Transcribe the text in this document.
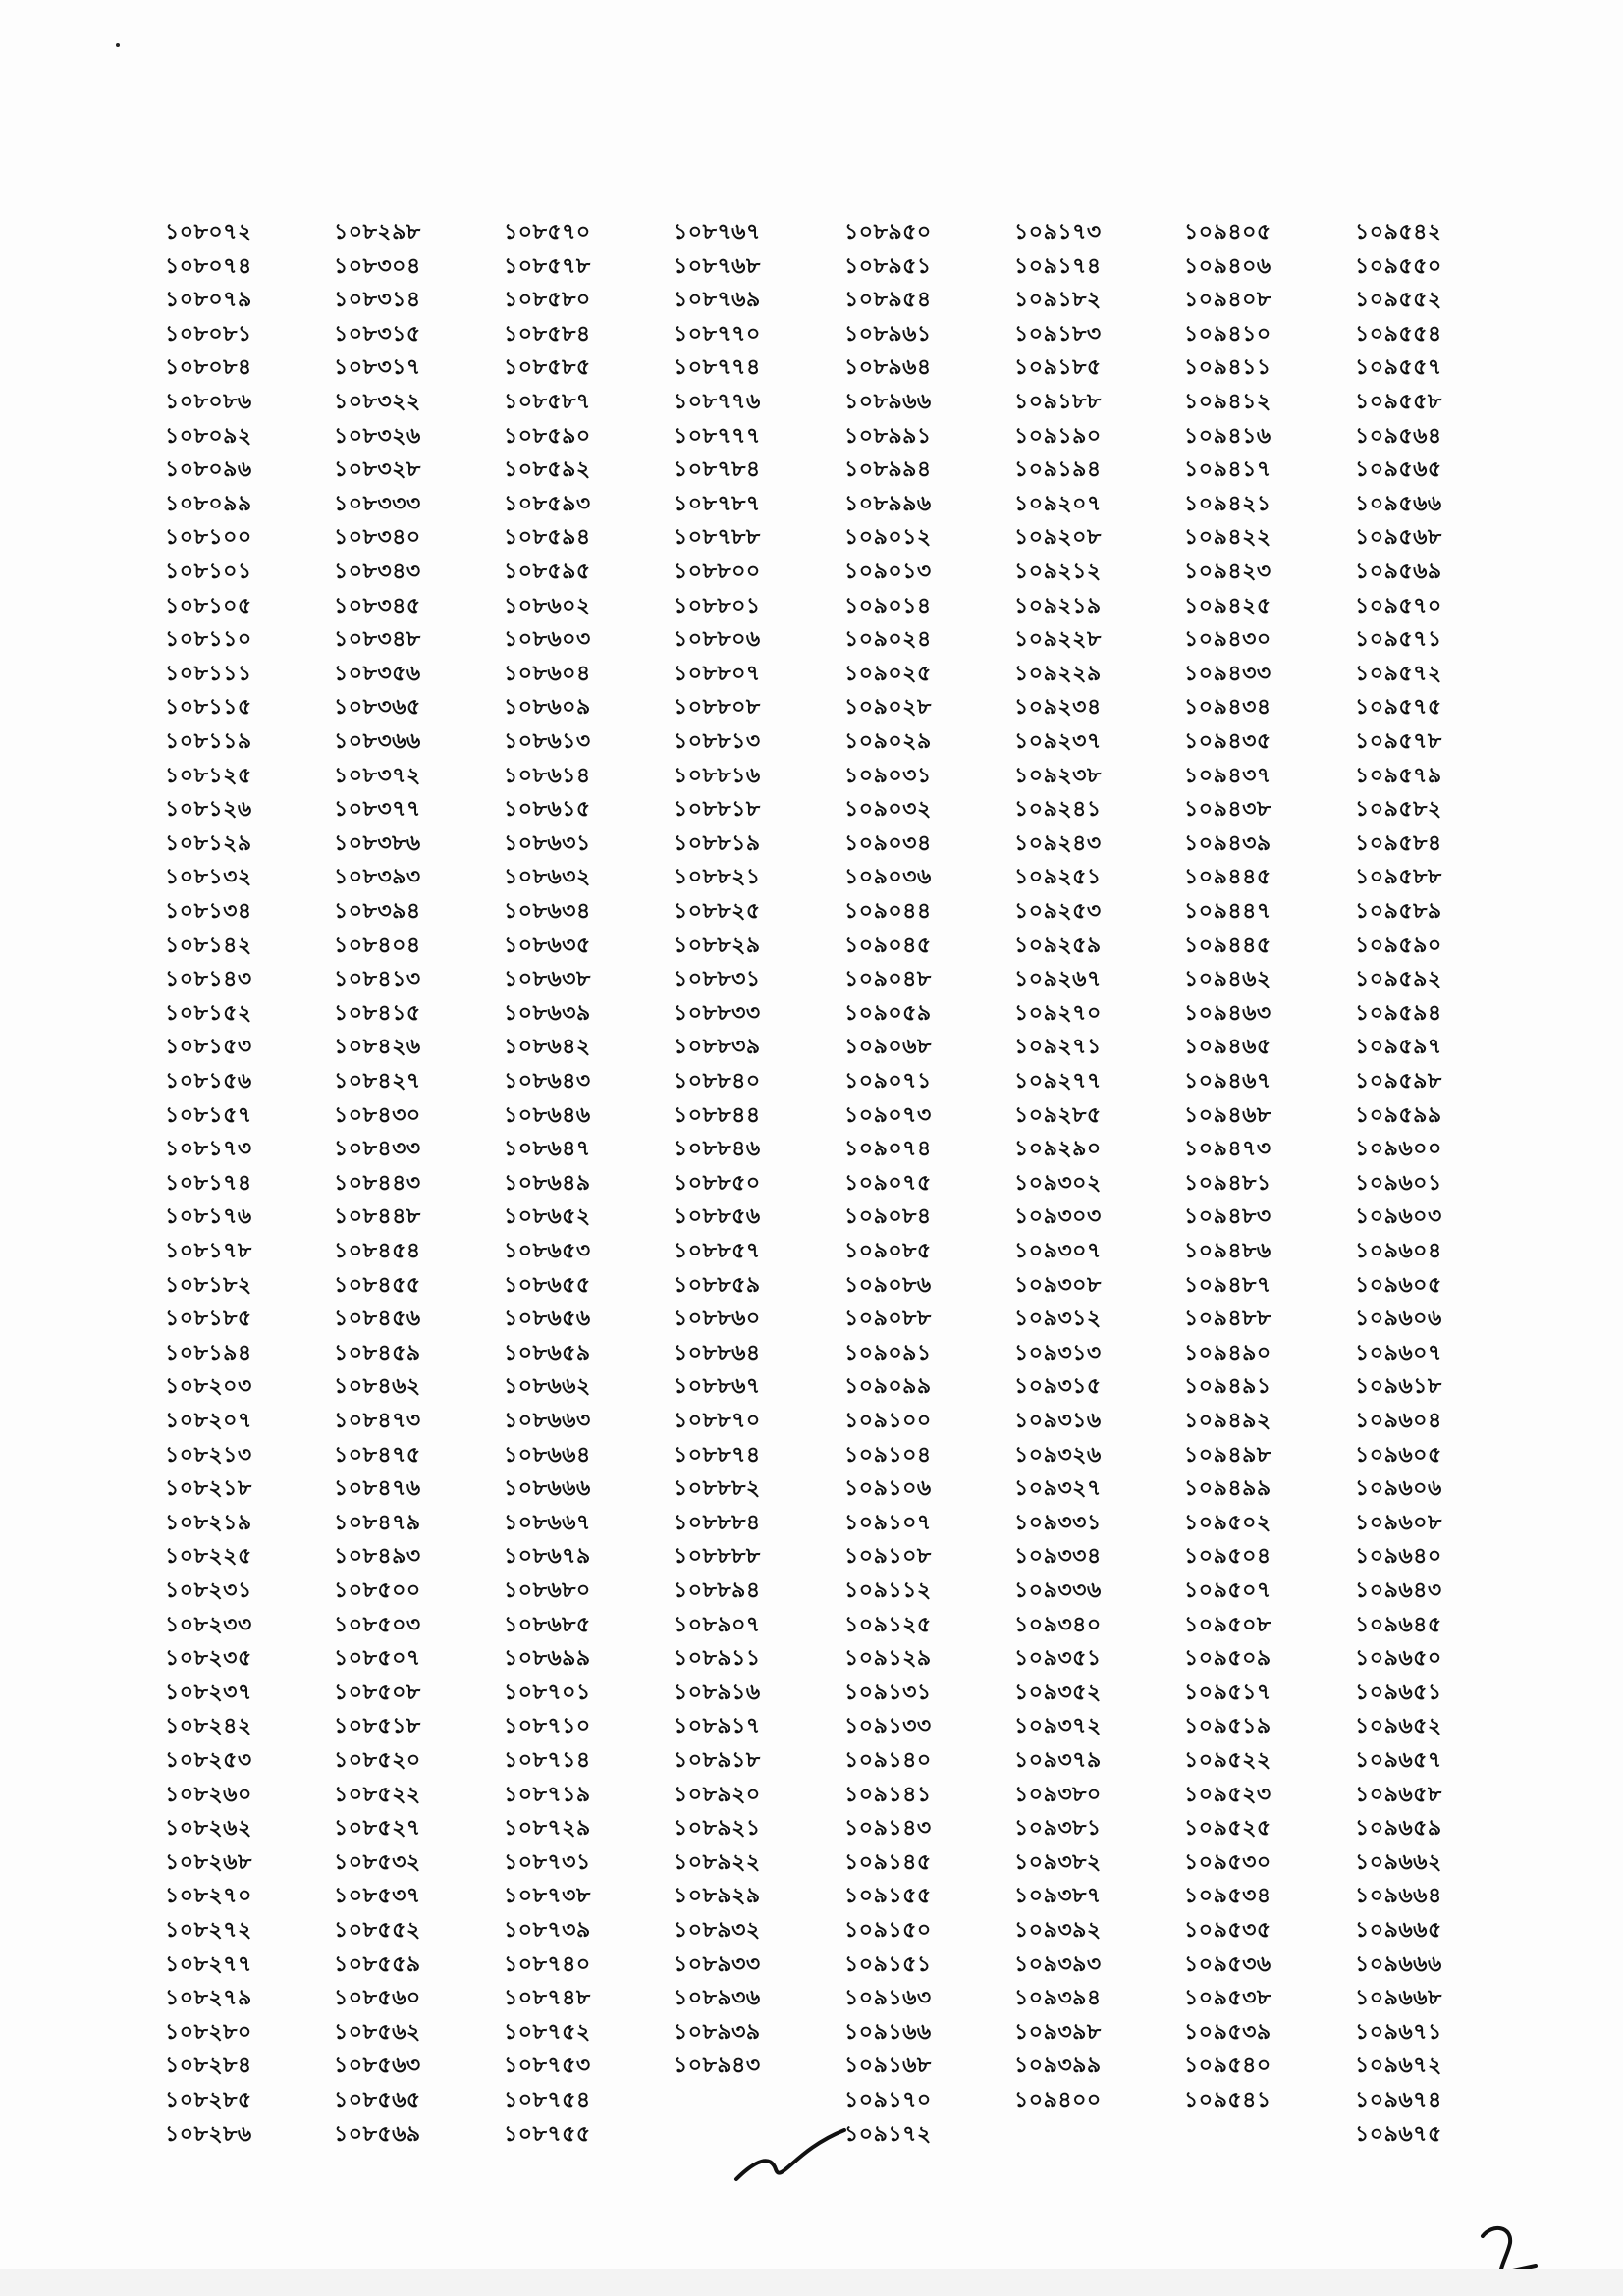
১০৮০৭২
১০৮০৭৪
১০৮০৭৯
১০৮০৮১
১০৮০৮৪
১০৮০৮৬
১০৮০৯২
১০৮০৯৬
১০৮০৯৯
১০৮১০০
১০৮১০১
১০৮১০৫
১০৮১১০
১০৮১১১
১০৮১১৫
১০৮১১৯
১০৮১২৫
১০৮১২৬
১০৮১২৯
১০৮১৩২
১০৮১৩৪
১০৮১৪২
১০৮১৪৩
১০৮১৫২
১০৮১৫৩
১০৮১৫৬
১০৮১৫৭
১০৮১৭৩
১০৮১৭৪
১০৮১৭৬
১০৮১৭৮
১০৮১৮২
১০৮১৮৫
১০৮১৯৪
১০৮২০৩
১০৮২০৭
১০৮২১৩
১০৮২১৮
১০৮২১৯
১০৮২২৫
১০৮২৩১
১০৮২৩৩
১০৮২৩৫
১০৮২৩৭
১০৮২৪২
১০৮২৫৩
১০৮২৬০
১০৮২৬২
১০৮২৬৮
১০৮২৭০
১০৮২৭২
১০৮২৭৭
১০৮২৭৯
১০৮২৮০
১০৮২৮৪
১০৮২৮৫
১০৮২৮৬
১০৮২৯৮
১০৮৩০৪
১০৮৩১৪
১০৮৩১৫
১০৮৩১৭
১০৮৩২২
১০৮৩২৬
১০৮৩২৮
১০৮৩৩৩
১০৮৩৪০
১০৮৩৪৩
১০৮৩৪৫
১০৮৩৪৮
১০৮৩৫৬
১০৮৩৬৫
১০৮৩৬৬
১০৮৩৭২
১০৮৩৭৭
১০৮৩৮৬
১০৮৩৯৩
১০৮৩৯৪
১০৮৪০৪
১০৮৪১৩
১০৮৪১৫
১০৮৪২৬
১০৮৪২৭
১০৮৪৩০
১০৮৪৩৩
১০৮৪৪৩
১০৮৪৪৮
১০৮৪৫৪
১০৮৪৫৫
১০৮৪৫৬
১০৮৪৫৯
১০৮৪৬২
১০৮৪৭৩
১০৮৪৭৫
১০৮৪৭৬
১০৮৪৭৯
১০৮৪৯৩
১০৮৫০০
১০৮৫০৩
১০৮৫০৭
১০৮৫০৮
১০৮৫১৮
১০৮৫২০
১০৮৫২২
১০৮৫২৭
১০৮৫৩২
১০৮৫৩৭
১০৮৫৫২
১০৮৫৫৯
১০৮৫৬০
১০৮৫৬২
১০৮৫৬৩
১০৮৫৬৫
১০৮৫৬৯
১০৮৫৭০
১০৮৫৭৮
১০৮৫৮০
১০৮৫৮৪
১০৮৫৮৫
১০৮৫৮৭
১০৮৫৯০
১০৮৫৯২
১০৮৫৯৩
১০৮৫৯৪
১০৮৫৯৫
১০৮৬০২
১০৮৬০৩
১০৮৬০৪
১০৮৬০৯
১০৮৬১৩
১০৮৬১৪
১০৮৬১৫
১০৮৬৩১
১০৮৬৩২
১০৮৬৩৪
১০৮৬৩৫
১০৮৬৩৮
১০৮৬৩৯
১০৮৬৪২
১০৮৬৪৩
১০৮৬৪৬
১০৮৬৪৭
১০৮৬৪৯
১০৮৬৫২
১০৮৬৫৩
১০৮৬৫৫
১০৮৬৫৬
১০৮৬৫৯
১০৮৬৬২
১০৮৬৬৩
১০৮৬৬৪
১০৮৬৬৬
১০৮৬৬৭
১০৮৬৭৯
১০৮৬৮০
১০৮৬৮৫
১০৮৬৯৯
১০৮৭০১
১০৮৭১০
১০৮৭১৪
১০৮৭১৯
১০৮৭২৯
১০৮৭৩১
১০৮৭৩৮
১০৮৭৩৯
১০৮৭৪০
১০৮৭৪৮
১০৮৭৫২
১০৮৭৫৩
১০৮৭৫৪
১০৮৭৫৫
১০৮৭৬৭
১০৮৭৬৮
১০৮৭৬৯
১০৮৭৭০
১০৮৭৭৪
১০৮৭৭৬
১০৮৭৭৭
১০৮৭৮৪
১০৮৭৮৭
১০৮৭৮৮
১০৮৮০০
১০৮৮০১
১০৮৮০৬
১০৮৮০৭
১০৮৮০৮
১০৮৮১৩
১০৮৮১৬
১০৮৮১৮
১০৮৮১৯
১০৮৮২১
১০৮৮২৫
১০৮৮২৯
১০৮৮৩১
১০৮৮৩৩
১০৮৮৩৯
১০৮৮৪০
১০৮৮৪৪
১০৮৮৪৬
১০৮৮৫০
১০৮৮৫৬
১০৮৮৫৭
১০৮৮৫৯
১০৮৮৬০
১০৮৮৬৪
১০৮৮৬৭
১০৮৮৭০
১০৮৮৭৪
১০৮৮৮২
১০৮৮৮৪
১০৮৮৮৮
১০৮৮৯৪
১০৮৯০৭
১০৮৯১১
১০৮৯১৬
১০৮৯১৭
১০৮৯১৮
১০৮৯২০
১০৮৯২১
১০৮৯২২
১০৮৯২৯
১০৮৯৩২
১০৮৯৩৩
১০৮৯৩৬
১০৮৯৩৯
১০৮৯৪৩
১০৮৯৫০
১০৮৯৫১
১০৮৯৫৪
১০৮৯৬১
১০৮৯৬৪
১০৮৯৬৬
১০৮৯৯১
১০৮৯৯৪
১০৮৯৯৬
১০৯০১২
১০৯০১৩
১০৯০১৪
১০৯০২৪
১০৯০২৫
১০৯০২৮
১০৯০২৯
১০৯০৩১
১০৯০৩২
১০৯০৩৪
১০৯০৩৬
১০৯০৪৪
১০৯০৪৫
১০৯০৪৮
১০৯০৫৯
১০৯০৬৮
১০৯০৭১
১০৯০৭৩
১০৯০৭৪
১০৯০৭৫
১০৯০৮৪
১০৯০৮৫
১০৯০৮৬
১০৯০৮৮
১০৯০৯১
১০৯০৯৯
১০৯১০০
১০৯১০৪
১০৯১০৬
১০৯১০৭
১০৯১০৮
১০৯১১২
১০৯১২৫
১০৯১২৯
১০৯১৩১
১০৯১৩৩
১০৯১৪০
১০৯১৪১
১০৯১৪৩
১০৯১৪৫
১০৯১৫৫
১০৯১৫০
১০৯১৫১
১০৯১৬৩
১০৯১৬৬
১০৯১৬৮
১০৯১৭০
১০৯১৭২
১০৯১৭৩
১০৯১৭৪
১০৯১৮২
১০৯১৮৩
১০৯১৮৫
১০৯১৮৮
১০৯১৯০
১০৯১৯৪
১০৯২০৭
১০৯২০৮
১০৯২১২
১০৯২১৯
১০৯২২৮
১০৯২২৯
১০৯২৩৪
১০৯২৩৭
১০৯২৩৮
১০৯২৪১
১০৯২৪৩
১০৯২৫১
১০৯২৫৩
১০৯২৫৯
১০৯২৬৭
১০৯২৭০
১০৯২৭১
১০৯২৭৭
১০৯২৮৫
১০৯২৯০
১০৯৩০২
১০৯৩০৩
১০৯৩০৭
১০৯৩০৮
১০৯৩১২
১০৯৩১৩
১০৯৩১৫
১০৯৩১৬
১০৯৩২৬
১০৯৩২৭
১০৯৩৩১
১০৯৩৩৪
১০৯৩৩৬
১০৯৩৪০
১০৯৩৫১
১০৯৩৫২
১০৯৩৭২
১০৯৩৭৯
১০৯৩৮০
১০৯৩৮১
১০৯৩৮২
১০৯৩৮৭
১০৯৩৯২
১০৯৩৯৩
১০৯৩৯৪
১০৯৩৯৮
১০৯৩৯৯
১০৯৪০০
১০৯৪০৫
১০৯৪০৬
১০৯৪০৮
১০৯৪১০
১০৯৪১১
১০৯৪১২
১০৯৪১৬
১০৯৪১৭
১০৯৪২১
১০৯৪২২
১০৯৪২৩
১০৯৪২৫
১০৯৪৩০
১০৯৪৩৩
১০৯৪৩৪
১০৯৪৩৫
১০৯৪৩৭
১০৯৪৩৮
১০৯৪৩৯
১০৯৪৪৫
১০৯৪৪৭
১০৯৪৪৫
১০৯৪৬২
১০৯৪৬৩
১০৯৪৬৫
১০৯৪৬৭
১০৯৪৬৮
১০৯৪৭৩
১০৯৪৮১
১০৯৪৮৩
১০৯৪৮৬
১০৯৪৮৭
১০৯৪৮৮
১০৯৪৯০
১০৯৪৯১
১০৯৪৯২
১০৯৪৯৮
১০৯৪৯৯
১০৯৫০২
১০৯৫০৪
১০৯৫০৭
১০৯৫০৮
১০৯৫০৯
১০৯৫১৭
১০৯৫১৯
১০৯৫২২
১০৯৫২৩
১০৯৫২৫
১০৯৫৩০
১০৯৫৩৪
১০৯৫৩৫
১০৯৫৩৬
১০৯৫৩৮
১০৯৫৩৯
১০৯৫৪০
১০৯৫৪১
১০৯৫৪২
১০৯৫৫০
১০৯৫৫২
১০৯৫৫৪
১০৯৫৫৭
১০৯৫৫৮
১০৯৫৬৪
১০৯৫৬৫
১০৯৫৬৬
১০৯৫৬৮
১০৯৫৬৯
১০৯৫৭০
১০৯৫৭১
১০৯৫৭২
১০৯৫৭৫
১০৯৫৭৮
১০৯৫৭৯
১০৯৫৮২
১০৯৫৮৪
১০৯৫৮৮
১০৯৫৮৯
১০৯৫৯০
১০৯৫৯২
১০৯৫৯৪
১০৯৫৯৭
১০৯৫৯৮
১০৯৫৯৯
১০৯৬০০
১০৯৬০১
১০৯৬০৩
১০৯৬০৪
১০৯৬০৫
১০৯৬০৬
১০৯৬০৭
১০৯৬১৮
১০৯৬০৪
১০৯৬০৫
১০৯৬০৬
১০৯৬০৮
১০৯৬৪০
১০৯৬৪৩
১০৯৬৪৫
১০৯৬৫০
১০৯৬৫১
১০৯৬৫২
১০৯৬৫৭
১০৯৬৫৮
১০৯৬৫৯
১০৯৬৬২
১০৯৬৬৪
১০৯৬৬৫
১০৯৬৬৬
১০৯৬৬৮
১০৯৬৭১
১০৯৬৭২
১০৯৬৭৪
১০৯৬৭৫
